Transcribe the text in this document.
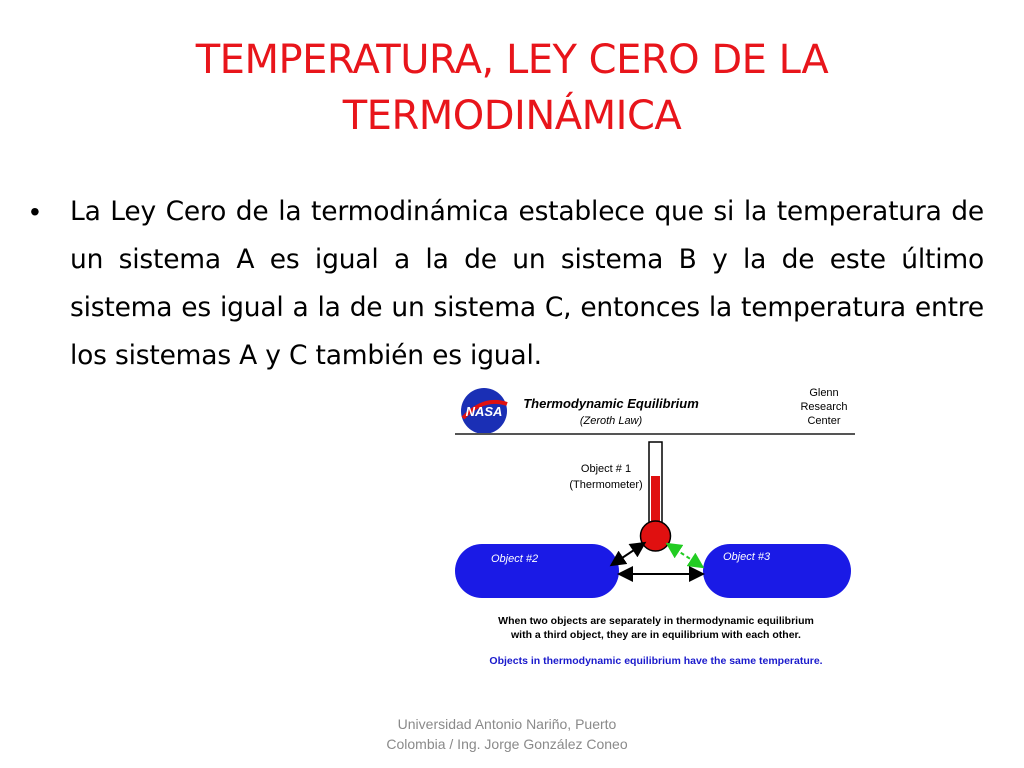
TEMPERATURA, LEY CERO DE LA
TERMODINÁMICA
• La Ley Cero de la termodinámica establece que si la temperatura de un sistema A es igual a la de un sistema B y la de este último sistema es igual a la de un sistema C, entonces la temperatura entre los sistemas A y C también es igual.
NASA
Thermodynamic Equilibrium
(Zeroth Law)
Glenn
Research
Center
Object # 1
(Thermometer)
Object #2	Object #3
When two objects are separately in thermodynamic equilibrium
with a third object, they are in equilibrium with each other.
Objects in thermodynamic equilibrium have the same temperature.
Universidad Antonio Nariño, Puerto
Colombia / Ing. Jorge González Coneo
